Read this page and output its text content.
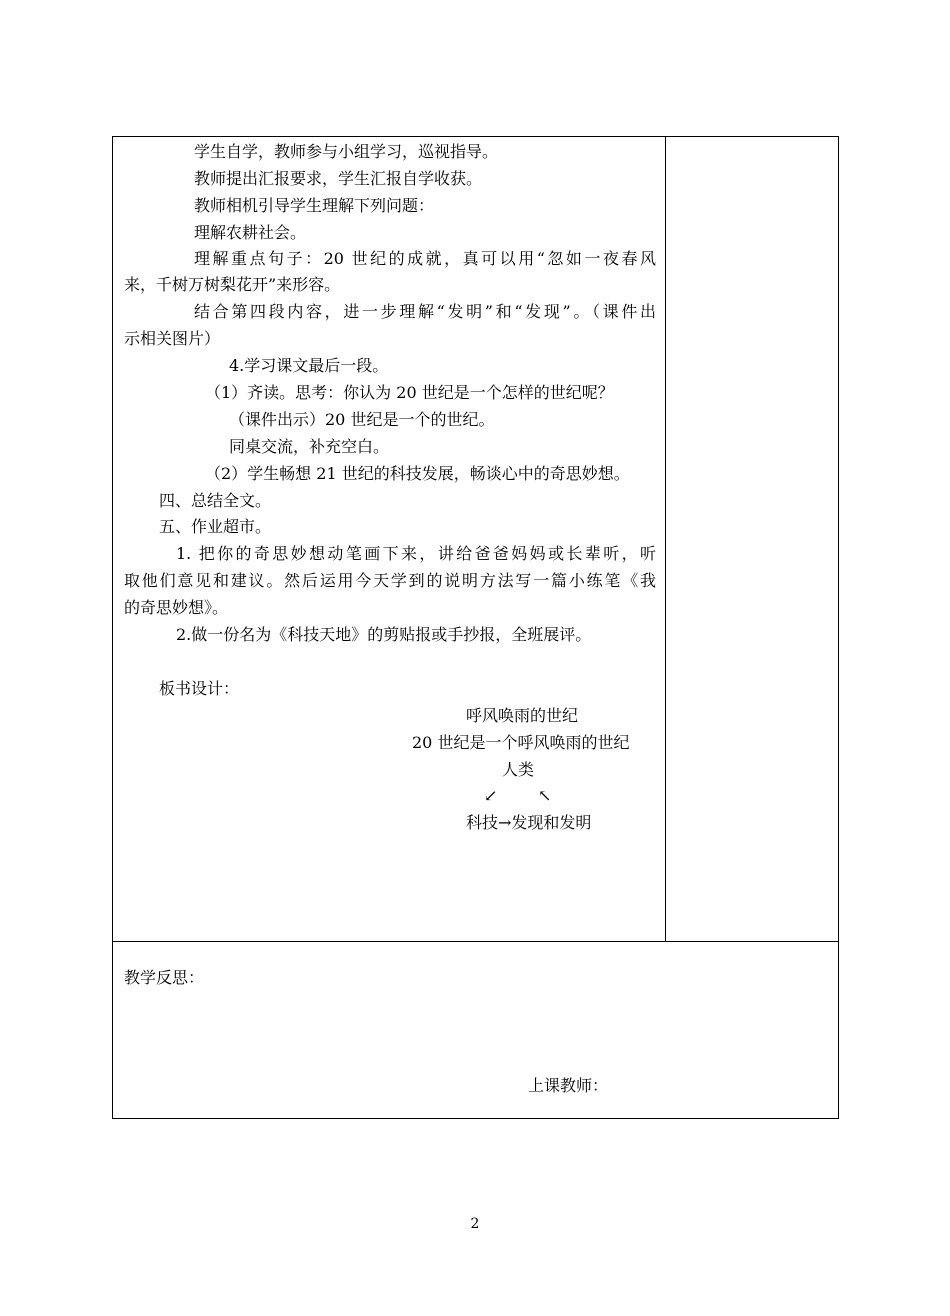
学生自学，教师参与小组学习，巡视指导。
教师提出汇报要求，学生汇报自学收获。
教师相机引导学生理解下列问题：
理解农耕社会。
理解重点句子：20 世纪的成就，真可以用“忽如一夜春风
来，千树万树梨花开”来形容。
结合第四段内容，进一步理解“发明”和“发现”。（课件出
示相关图片）
4.学习课文最后一段。
（1）齐读。思考：你认为 20 世纪是一个怎样的世纪呢？
（课件出示）20 世纪是一个的世纪。
同桌交流，补充空白。
（2）学生畅想 21 世纪的科技发展，畅谈心中的奇思妙想。
四、总结全文。
五、作业超市。
1. 把你的奇思妙想动笔画下来，讲给爸爸妈妈或长辈听，听
取他们意见和建议。然后运用今天学到的说明方法写一篇小练笔《我
的奇思妙想》。
2.做一份名为《科技天地》的剪贴报或手抄报，全班展评。
板书设计：
呼风唤雨的世纪
20 世纪是一个呼风唤雨的世纪
人类
↙	↖
科技→发现和发明
教学反思：
上课教师：
2
